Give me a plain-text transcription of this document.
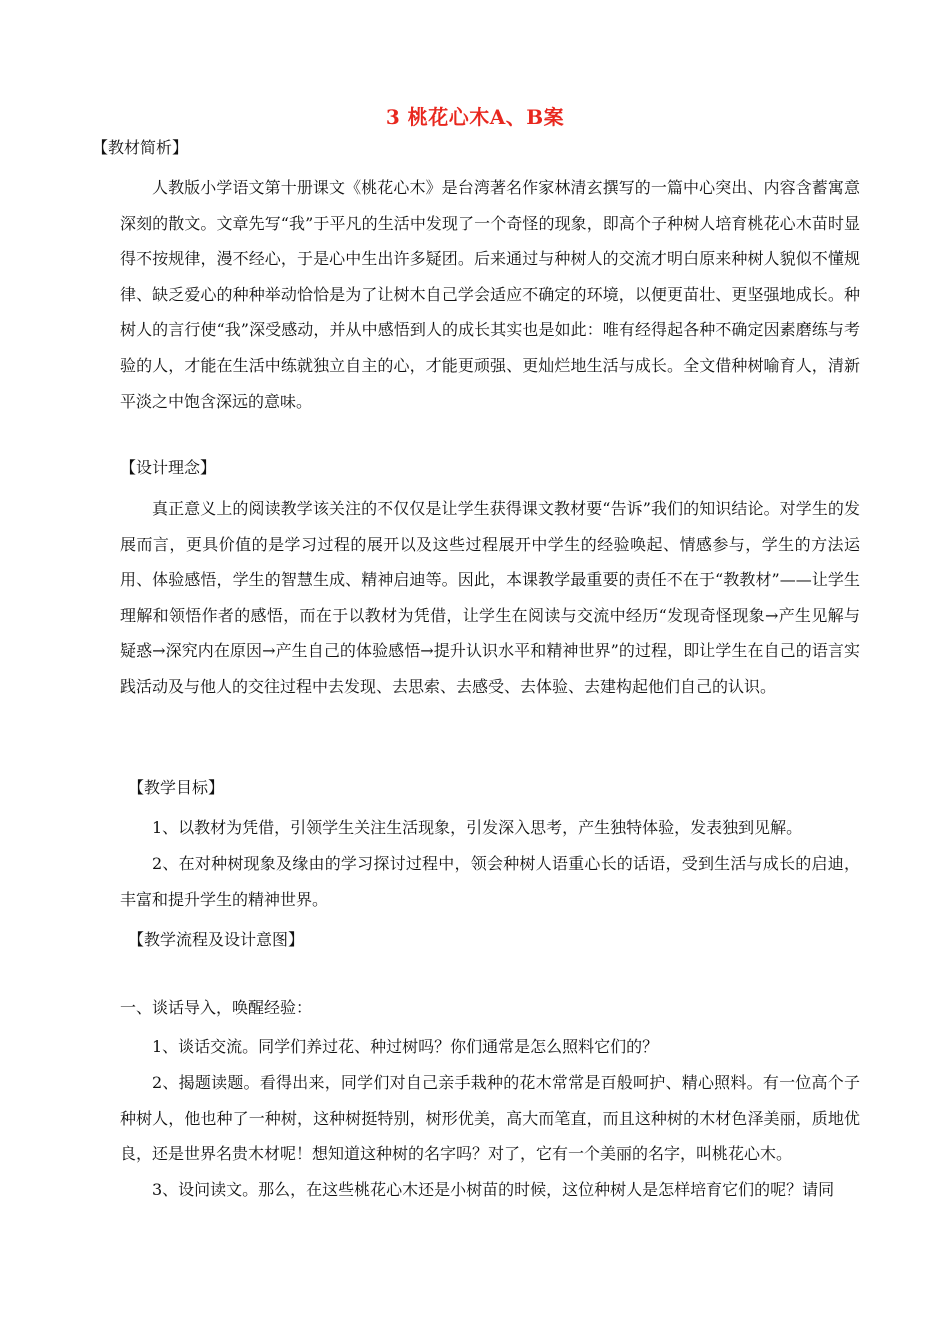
3 桃花心木A、B案
【教材简析】
人教版小学语文第十册课文《桃花心木》是台湾著名作家林清玄撰写的一篇中心突出、内容含蓄寓意深刻的散文。文章先写“我”于平凡的生活中发现了一个奇怪的现象，即高个子种树人培育桃花心木苗时显得不按规律，漫不经心，于是心中生出许多疑团。后来通过与种树人的交流才明白原来种树人貌似不懂规律、缺乏爱心的种种举动恰恰是为了让树木自己学会适应不确定的环境，以便更苗壮、更坚强地成长。种树人的言行使“我”深受感动，并从中感悟到人的成长其实也是如此：唯有经得起各种不确定因素磨练与考验的人，才能在生活中练就独立自主的心，才能更顽强、更灿烂地生活与成长。全文借种树喻育人，清新平淡之中饱含深远的意味。
【设计理念】
真正意义上的阅读教学该关注的不仅仅是让学生获得课文教材要“告诉”我们的知识结论。对学生的发展而言，更具价值的是学习过程的展开以及这些过程展开中学生的经验唤起、情感参与，学生的方法运用、体验感悟，学生的智慧生成、精神启迪等。因此，本课教学最重要的责任不在于“教教材”——让学生理解和领悟作者的感悟，而在于以教材为凭借，让学生在阅读与交流中经历“发现奇怪现象→产生见解与疑惑→深究内在原因→产生自己的体验感悟→提升认识水平和精神世界”的过程，即让学生在自己的语言实践活动及与他人的交往过程中去发现、去思索、去感受、去体验、去建构起他们自己的认识。
【教学目标】
1、以教材为凭借，引领学生关注生活现象，引发深入思考，产生独特体验，发表独到见解。
2、在对种树现象及缘由的学习探讨过程中，领会种树人语重心长的话语，受到生活与成长的启迪，丰富和提升学生的精神世界。
【教学流程及设计意图】
一、谈话导入，唤醒经验：
1、谈话交流。同学们养过花、种过树吗？你们通常是怎么照料它们的？
2、揭题读题。看得出来，同学们对自己亲手栽种的花木常常是百般呵护、精心照料。有一位高个子种树人，他也种了一种树，这种树挺特别，树形优美，高大而笔直，而且这种树的木材色泽美丽，质地优良，还是世界名贵木材呢！想知道这种树的名字吗？对了，它有一个美丽的名字，叫桃花心木。
3、设问读文。那么，在这些桃花心木还是小树苗的时候，这位种树人是怎样培育它们的呢？请同
